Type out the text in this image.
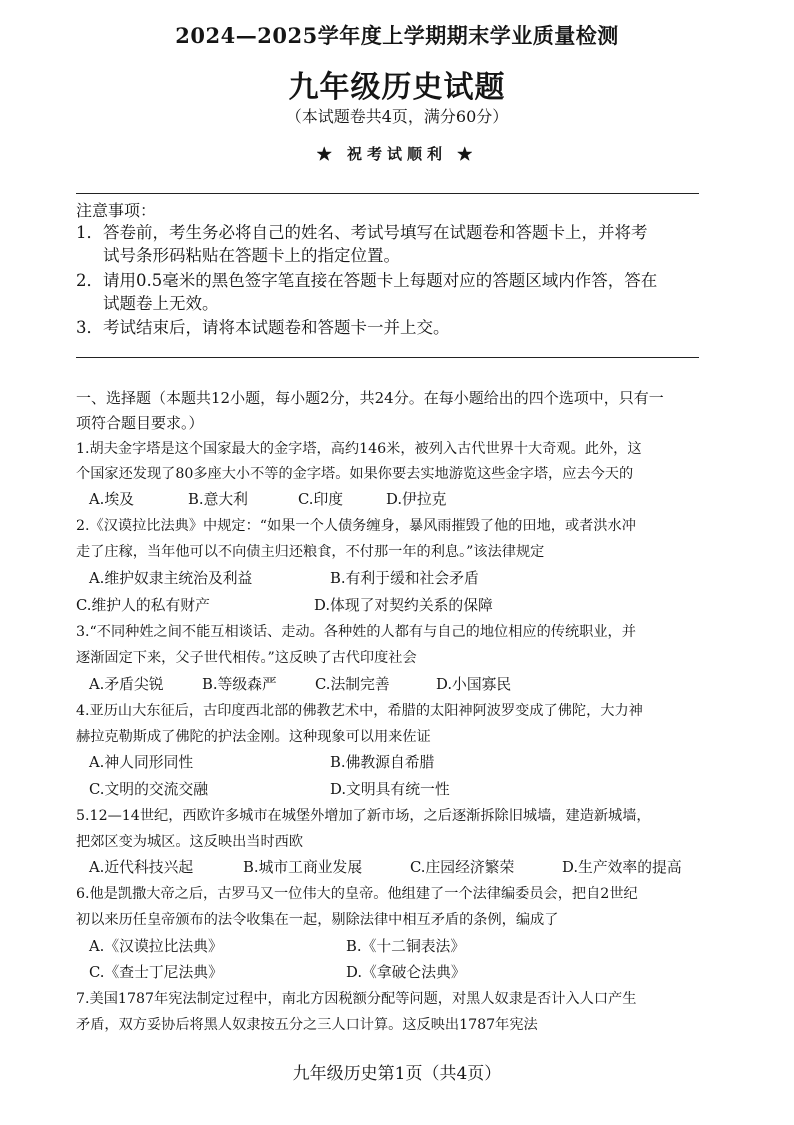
2024—2025学年度上学期期末学业质量检测
九年级历史试题
（本试题卷共4页，满分60分）
★ 祝考试顺利 ★
注意事项：
1．答卷前，考生务必将自己的姓名、考试号填写在试题卷和答题卡上，并将考
试号条形码粘贴在答题卡上的指定位置。
2．请用0.5毫米的黑色签字笔直接在答题卡上每题对应的答题区域内作答，答在
试题卷上无效。
3．考试结束后，请将本试题卷和答题卡一并上交。
一、选择题（本题共12小题，每小题2分，共24分。在每小题给出的四个选项中，只有一
项符合题目要求。）
1.胡夫金字塔是这个国家最大的金字塔，高约146米，被列入古代世界十大奇观。此外，这
个国家还发现了80多座大小不等的金字塔。如果你要去实地游览这些金字塔，应去今天的
A.埃及	B.意大利	C.印度	D.伊拉克
2.《汉谟拉比法典》中规定：“如果一个人债务缠身，暴风雨摧毁了他的田地，或者洪水冲
走了庄稼，当年他可以不向债主归还粮食，不付那一年的利息。”该法律规定
A.维护奴隶主统治及利益	B.有利于缓和社会矛盾
C.维护人的私有财产	D.体现了对契约关系的保障
3.“不同种姓之间不能互相谈话、走动。各种姓的人都有与自己的地位相应的传统职业，并
逐渐固定下来，父子世代相传。”这反映了古代印度社会
A.矛盾尖锐	B.等级森严	C.法制完善	D.小国寡民
4.亚历山大东征后，古印度西北部的佛教艺术中，希腊的太阳神阿波罗变成了佛陀，大力神
赫拉克勒斯成了佛陀的护法金刚。这种现象可以用来佐证
A.神人同形同性	B.佛教源自希腊
C.文明的交流交融	D.文明具有统一性
5.12—14世纪，西欧许多城市在城堡外增加了新市场，之后逐渐拆除旧城墙，建造新城墙，
把郊区变为城区。这反映出当时西欧
A.近代科技兴起	B.城市工商业发展	C.庄园经济繁荣	D.生产效率的提高
6.他是凯撒大帝之后，古罗马又一位伟大的皇帝。他组建了一个法律编委员会，把自2世纪
初以来历任皇帝颁布的法令收集在一起，剔除法律中相互矛盾的条例，编成了
A.《汉谟拉比法典》	B.《十二铜表法》
C.《查士丁尼法典》	D.《拿破仑法典》
7.美国1787年宪法制定过程中，南北方因税额分配等问题，对黑人奴隶是否计入人口产生
矛盾，双方妥协后将黑人奴隶按五分之三人口计算。这反映出1787年宪法
九年级历史第1页（共4页）
